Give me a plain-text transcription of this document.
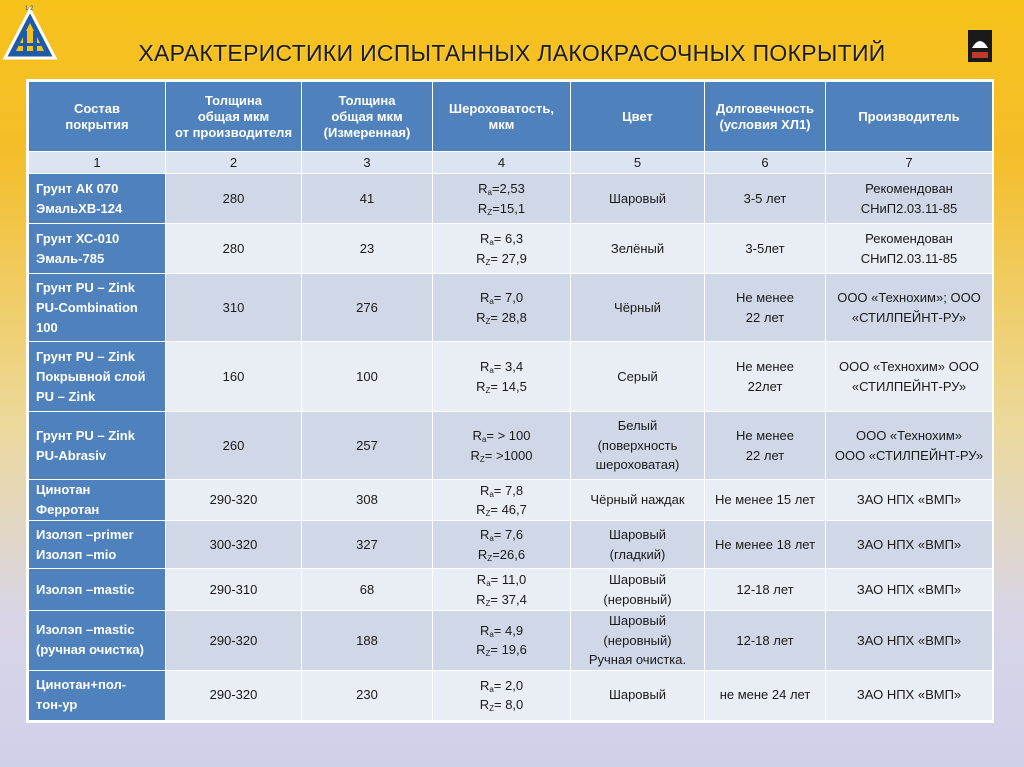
1 2
ХАРАКТЕРИСТИКИ ИСПЫТАННЫХ ЛАКОКРАСОЧНЫХ ПОКРЫТИЙ
Состав
покрытия	Толщина
общая мкм
от производителя	Толщина
общая мкм
(Измеренная)	Шероховатость,
мкм	Цвет	Долговечность
(условия ХЛ1)	Производитель
1	2	3	4	5	6	7
Грунт АК 070
ЭмальХВ-124	280	41	$R_a=2,53$
$R_Z=15,1$	Шаровый	3-5 лет	Рекомендован
СНиП2.03.11-85
Грунт ХС-010
Эмаль-785	280	23	$R_a= 6,3$
$R_Z= 27,9$	Зелёный	3-5лет	Рекомендован
СНиП2.03.11-85
Грунт PU – Zink
PU-Combination
100	310	276	$R_a= 7,0$
$R_Z= 28,8$	Чёрный	Не менее
22 лет	ООО «Технохим»; ООО
«СТИЛПЕЙНТ-РУ»
Грунт PU – Zink
Покрывной слой
PU – Zink	160	100	$R_a= 3,4$
$R_Z= 14,5$	Серый	Не менее
22лет	ООО «Технохим» ООО
«СТИЛПЕЙНТ-РУ»
Грунт PU – Zink
PU-Abrasiv	260	257	$R_a= > 100$
$R_Z= >1000$	Белый
(поверхность
шероховатая)	Не менее
22 лет	ООО «Технохим»
ООО «СТИЛПЕЙНТ-РУ»
Цинотан
Ферротан	290-320	308	$R_a= 7,8$
$R_Z= 46,7$	Чёрный наждак	Не менее 15 лет	ЗАО НПХ «ВМП»
Изолэп –primer
Изолэп –mio	300-320	327	$R_a= 7,6$
$R_Z=26,6$	Шаровый
(гладкий)	Не менее 18 лет	ЗАО НПХ «ВМП»
Изолэп –mastic	290-310	68	$R_a= 11,0$
$R_Z= 37,4$	Шаровый
(неровный)	12-18 лет	ЗАО НПХ «ВМП»
Изолэп –mastic
(ручная очистка)	290-320	188	$R_a= 4,9$
$R_Z= 19,6$	Шаровый
(неровный)
Ручная очистка.	12-18 лет	ЗАО НПХ «ВМП»
Цинотан+пол-
тон-ур	290-320	230	$R_a= 2,0$
$R_Z= 8,0$	Шаровый	не мене 24 лет	ЗАО НПХ «ВМП»
